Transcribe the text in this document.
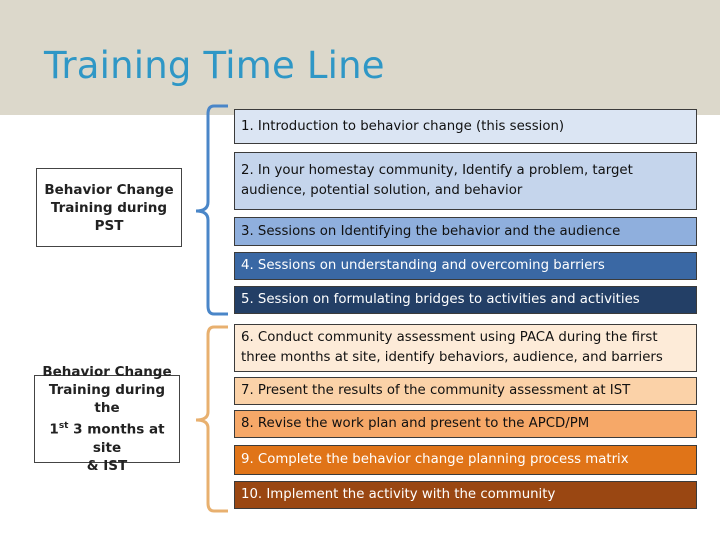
Training Time Line
Behavior Change Training during PST
Behavior Change
Training during the
1st 3 months at site
& IST
1. Introduction to behavior change (this session)
2. In your homestay community, Identify a problem, target audience, potential solution, and behavior
3. Sessions on Identifying the behavior and the audience
4. Sessions on understanding and overcoming barriers
5. Session on formulating bridges to activities and activities
6. Conduct community assessment using PACA during the first three months at site, identify behaviors, audience, and barriers
7. Present the results of the community assessment at IST
8. Revise the work plan and present to the APCD/PM
9. Complete the behavior change planning process matrix
10. Implement the activity with the community
